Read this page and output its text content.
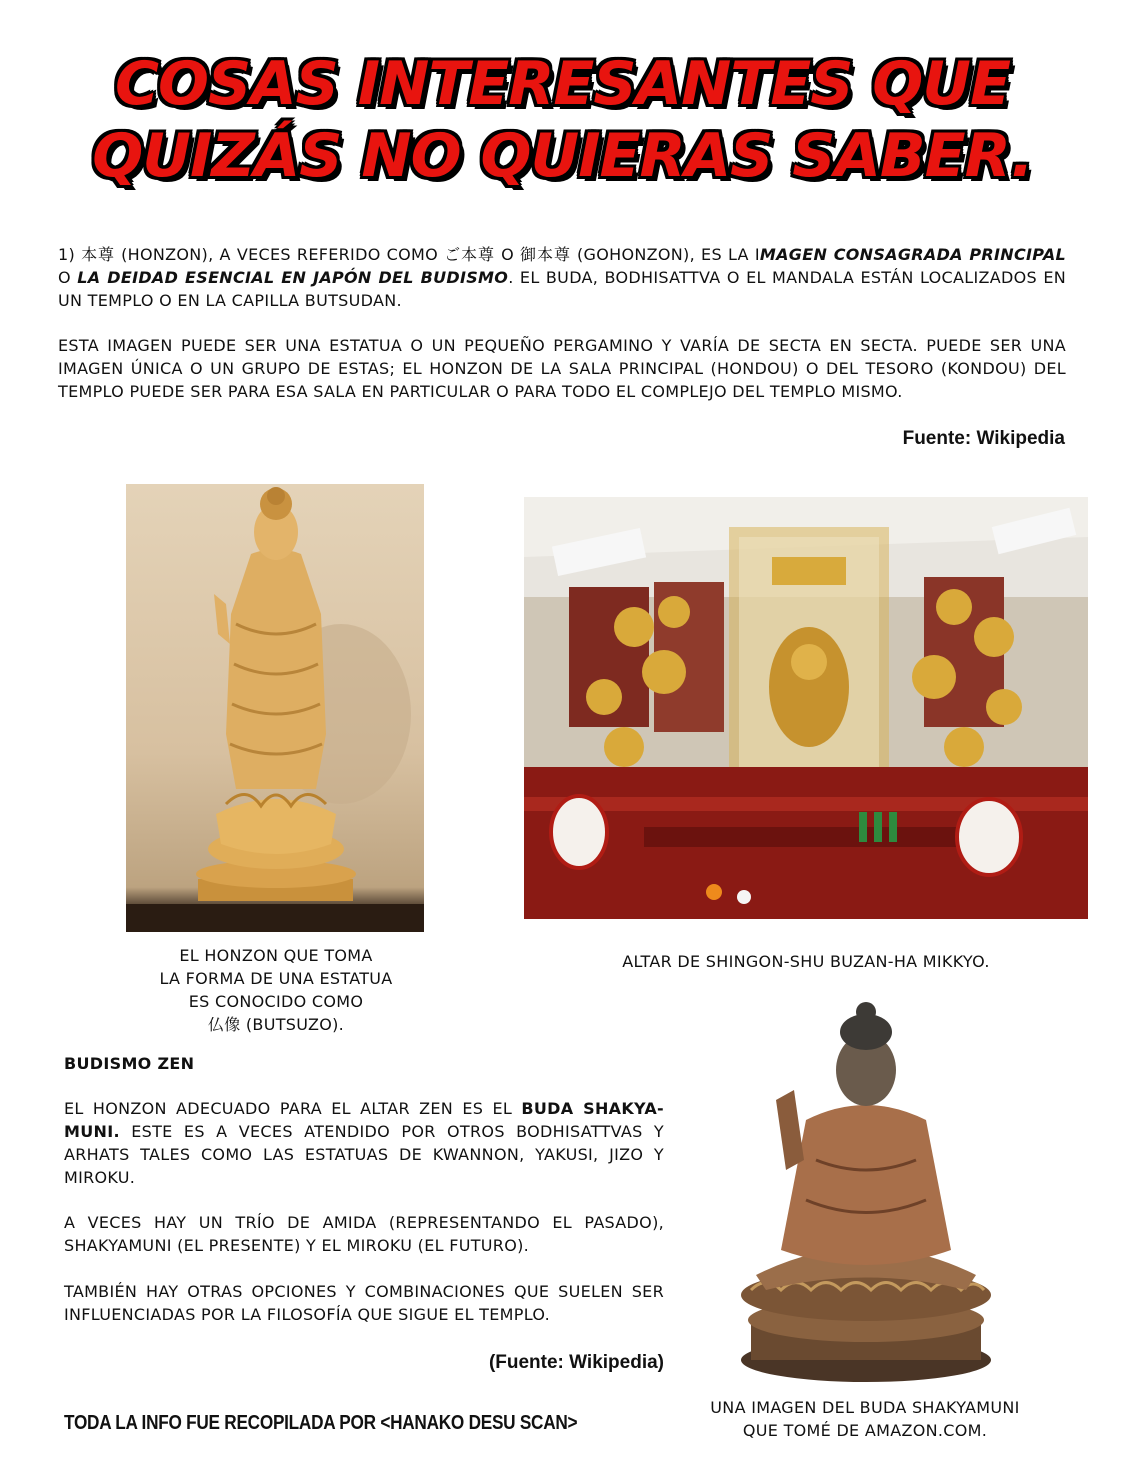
COSAS INTERESANTES QUE
QUIZÁS NO QUIERAS SABER.
1) 本尊 (HONZON), A VECES REFERIDO COMO ご本尊 O 御本尊 (GOHONZON), ES LA IMAGEN CONSAGRADA PRINCIPAL O LA DEIDAD ESENCIAL EN JAPÓN DEL BUDISMO. EL BUDA, BODHISATTVA O EL MANDALA ESTÁN LOCALIZADOS EN UN TEMPLO O EN LA CAPILLA BUTSUDAN.
ESTA IMAGEN PUEDE SER UNA ESTATUA O UN PEQUEÑO PERGAMINO Y VARÍA DE SECTA EN SECTA. PUEDE SER UNA IMAGEN ÚNICA O UN GRUPO DE ESTAS; EL HONZON DE LA SALA PRINCIPAL (HONDOU) O DEL TESORO (KONDOU) DEL TEMPLO PUEDE SER PARA ESA SALA EN PARTICULAR O PARA TODO EL COMPLEJO DEL TEMPLO MISMO.
Fuente: Wikipedia
EL HONZON QUE TOMA
LA FORMA DE UNA ESTATUA
ES CONOCIDO COMO
仏像 (BUTSUZO).
ALTAR DE SHINGON-SHU BUZAN-HA MIKKYO.
BUDISMO ZEN
EL HONZON ADECUADO PARA EL ALTAR ZEN ES EL BUDA SHAKYA-MUNI. ESTE ES A VECES ATENDIDO POR OTROS BODHISATTVAS Y ARHATS TALES COMO LAS ESTATUAS DE KWANNON, YAKUSI, JIZO Y MIROKU.
A VECES HAY UN TRÍO DE AMIDA (REPRESENTANDO EL PASADO), SHAKYAMUNI (EL PRESENTE) Y EL MIROKU (EL FUTURO).
TAMBIÉN HAY OTRAS OPCIONES Y COMBINACIONES QUE SUELEN SER INFLUENCIADAS POR LA FILOSOFÍA QUE SIGUE EL TEMPLO.
(Fuente: Wikipedia)
TODA LA INFO FUE RECOPILADA POR <HANAKO DESU SCAN>
UNA IMAGEN DEL BUDA SHAKYAMUNI
QUE TOMÉ DE AMAZON.COM.
